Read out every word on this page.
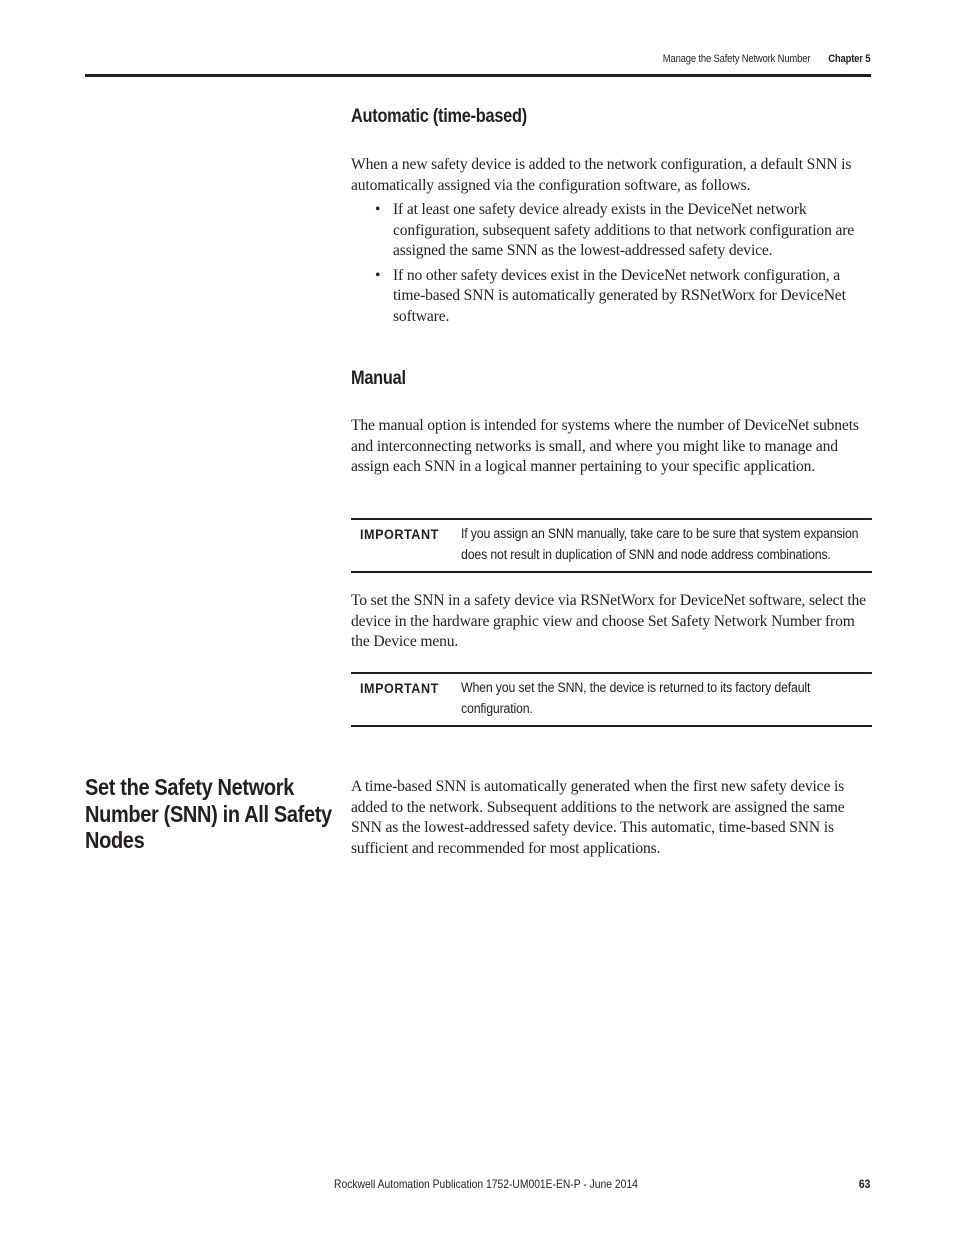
Manage the Safety Network Number Chapter 5
Automatic (time-based)

When a new safety device is added to the network configuration, a default SNN is automatically assigned via the configuration software, as follows.

• If at least one safety device already exists in the DeviceNet network configuration, subsequent safety additions to that network configuration are assigned the same SNN as the lowest-addressed safety device.
• If no other safety devices exist in the DeviceNet network configuration, a time-based SNN is automatically generated by RSNetWorx for DeviceNet software.
Manual

The manual option is intended for systems where the number of DeviceNet subnets and interconnecting networks is small, and where you might like to manage and assign each SNN in a logical manner pertaining to your specific application.

IMPORTANT If you assign an SNN manually, take care to be sure that system expansion does not result in duplication of SNN and node address combinations.

To set the SNN in a safety device via RSNetWorx for DeviceNet software, select the device in the hardware graphic view and choose Set Safety Network Number from the Device menu.

IMPORTANT When you set the SNN, the device is returned to its factory default configuration.
Set the Safety Network Number (SNN) in All Safety Nodes

A time-based SNN is automatically generated when the first new safety device is added to the network. Subsequent additions to the network are assigned the same SNN as the lowest-addressed safety device. This automatic, time-based SNN is sufficient and recommended for most applications.

Rockwell Automation Publication 1752-UM001E-EN-P - June 2014	63
